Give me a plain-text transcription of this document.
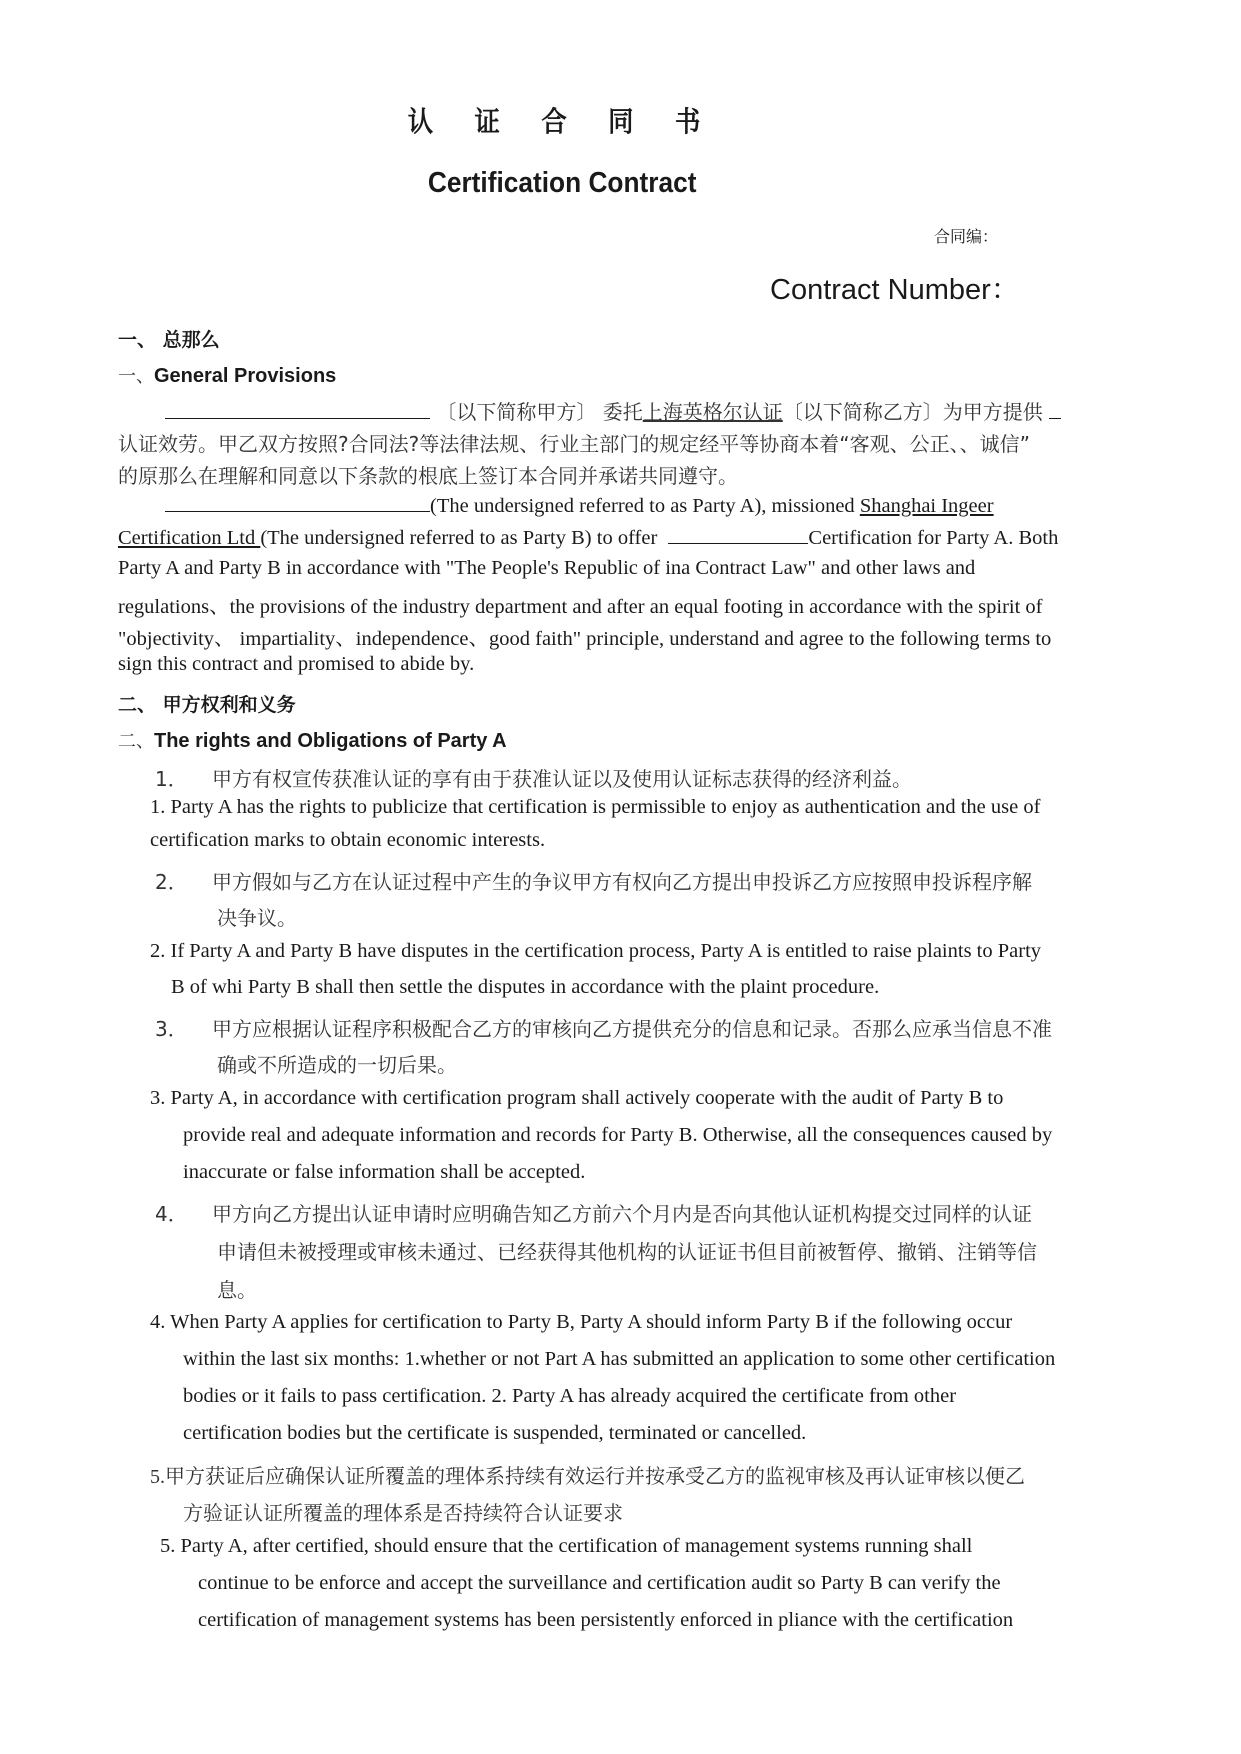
认 证 合 同 书
Certification Contract
合同编：
Contract Number：
一、 总那么
一、General Provisions
〔以下简称甲方〕 委托上海英格尔认证〔以下简称乙方〕为甲方提供
认证效劳。甲乙双方按照?合同法?等法律法规、行业主部门的规定经平等协商本着“客观、公正、、诚信”
的原那么在理解和同意以下条款的根底上签订本合同并承诺共同遵守。
(The undersigned referred to as Party A), missioned Shanghai Ingeer
Certification Ltd (The undersigned referred to as Party B) to offer	Certification for Party A. Both
Party A and Party B in accordance with "The People's Republic of ina Contract Law" and other laws and
regulations、the provisions of the industry department and after an equal footing in accordance with the spirit of
"objectivity、 impartiality、independence、good faith" principle, understand and agree to the following terms to
sign this contract and promised to abide by.
二、 甲方权利和义务
二、The rights and Obligations of Party A
1． 甲方有权宣传获准认证的享有由于获准认证以及使用认证标志获得的经济利益。
1. Party A has the rights to publicize that certification is permissible to enjoy as authentication and the use of
certification marks to obtain economic interests.
2． 甲方假如与乙方在认证过程中产生的争议甲方有权向乙方提出申投诉乙方应按照申投诉程序解
决争议。
2. If Party A and Party B have disputes in the certification process, Party A is entitled to raise plaints to Party
B of whi Party B shall then settle the disputes in accordance with the plaint procedure.
3． 甲方应根据认证程序积极配合乙方的审核向乙方提供充分的信息和记录。否那么应承当信息不准
确或不所造成的一切后果。
3. Party A, in accordance with certification program shall actively cooperate with the audit of Party B to
provide real and adequate information and records for Party B. Otherwise, all the consequences caused by
inaccurate or false information shall be accepted.
4． 甲方向乙方提出认证申请时应明确告知乙方前六个月内是否向其他认证机构提交过同样的认证
申请但未被授理或审核未通过、已经获得其他机构的认证证书但目前被暂停、撤销、注销等信
息。
4. When Party A applies for certification to Party B, Party A should inform Party B if the following occur
within the last six months: 1.whether or not Part A has submitted an application to some other certification
bodies or it fails to pass certification. 2. Party A has already acquired the certificate from other
certification bodies but the certificate is suspended, terminated or cancelled.
5.甲方获证后应确保认证所覆盖的理体系持续有效运行并按承受乙方的监视审核及再认证审核以便乙
方验证认证所覆盖的理体系是否持续符合认证要求
5. Party A, after certified, should ensure that the certification of management systems running shall
continue to be enforce and accept the surveillance and certification audit so Party B can verify the
certification of management systems has been persistently enforced in pliance with the certification
